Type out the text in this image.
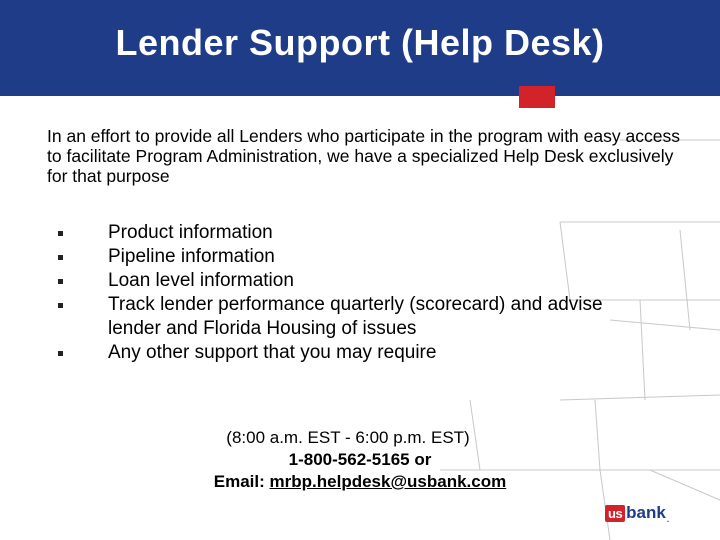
Lender Support (Help Desk)
In an effort to provide all Lenders who participate in the program with easy access to facilitate Program Administration, we have a specialized Help Desk exclusively for that purpose
Product information
Pipeline information
Loan level information
Track lender performance quarterly (scorecard) and advise lender and Florida Housing of issues
Any other support that you may require
(8:00 a.m. EST - 6:00 p.m. EST)
1-800-562-5165 or
Email: mrbp.helpdesk@usbank.com
us bank .
